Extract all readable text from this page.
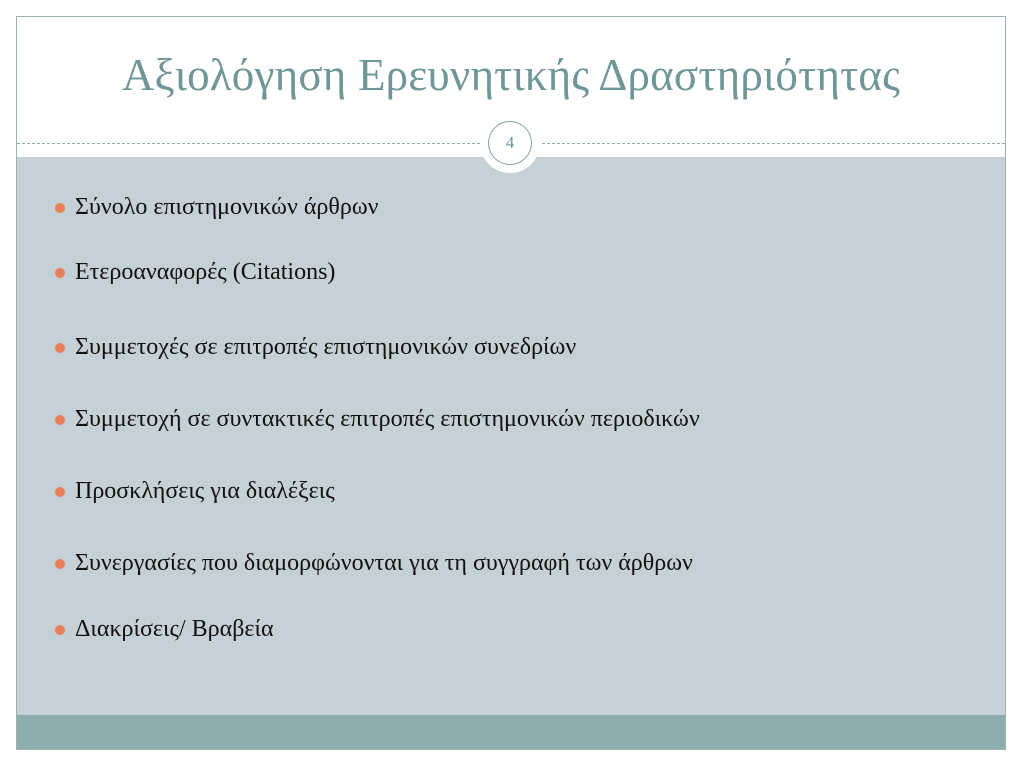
Αξιολόγηση Ερευνητικής Δραστηριότητας
4
Σύνολο επιστημονικών άρθρων
Ετεροαναφορές (Citations)
Συμμετοχές σε επιτροπές επιστημονικών συνεδρίων
Συμμετοχή σε συντακτικές επιτροπές επιστημονικών περιοδικών
Προσκλήσεις για διαλέξεις
Συνεργασίες που διαμορφώνονται για τη συγγραφή των άρθρων
Διακρίσεις/ Βραβεία
